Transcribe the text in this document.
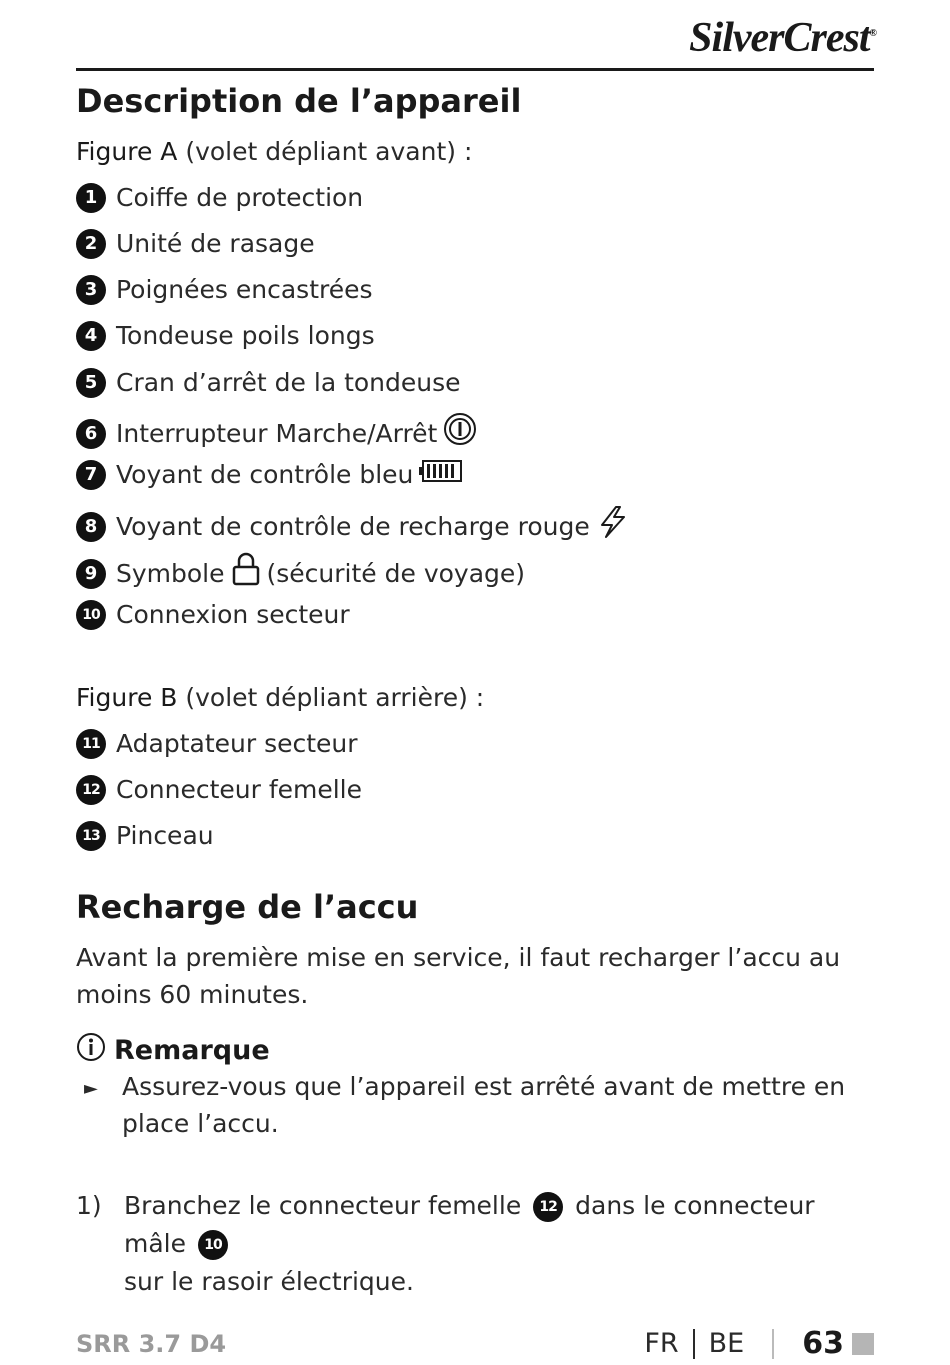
SilverCrest®
Description de l’appareil
Figure A (volet dépliant avant) :
1 Coiffe de protection
2 Unité de rasage
3 Poignées encastrées
4 Tondeuse poils longs
5 Cran d’arrêt de la tondeuse
6 Interrupteur Marche/Arrêt
7 Voyant de contrôle bleu
8 Voyant de contrôle de recharge rouge
9 Symbole (sécurité de voyage)
10 Connexion secteur
Figure B (volet dépliant arrière) :
11 Adaptateur secteur
12 Connecteur femelle
13 Pinceau
Recharge de l’accu
Avant la première mise en service, il faut recharger l’accu au moins 60 minutes.
Remarque
► Assurez-vous que l’appareil est arrêté avant de mettre en place l’accu.
1) Branchez le connecteur femelle 12 dans le connecteur mâle 10
sur le rasoir électrique.
SRR 3.7 D4	FR BE 63
